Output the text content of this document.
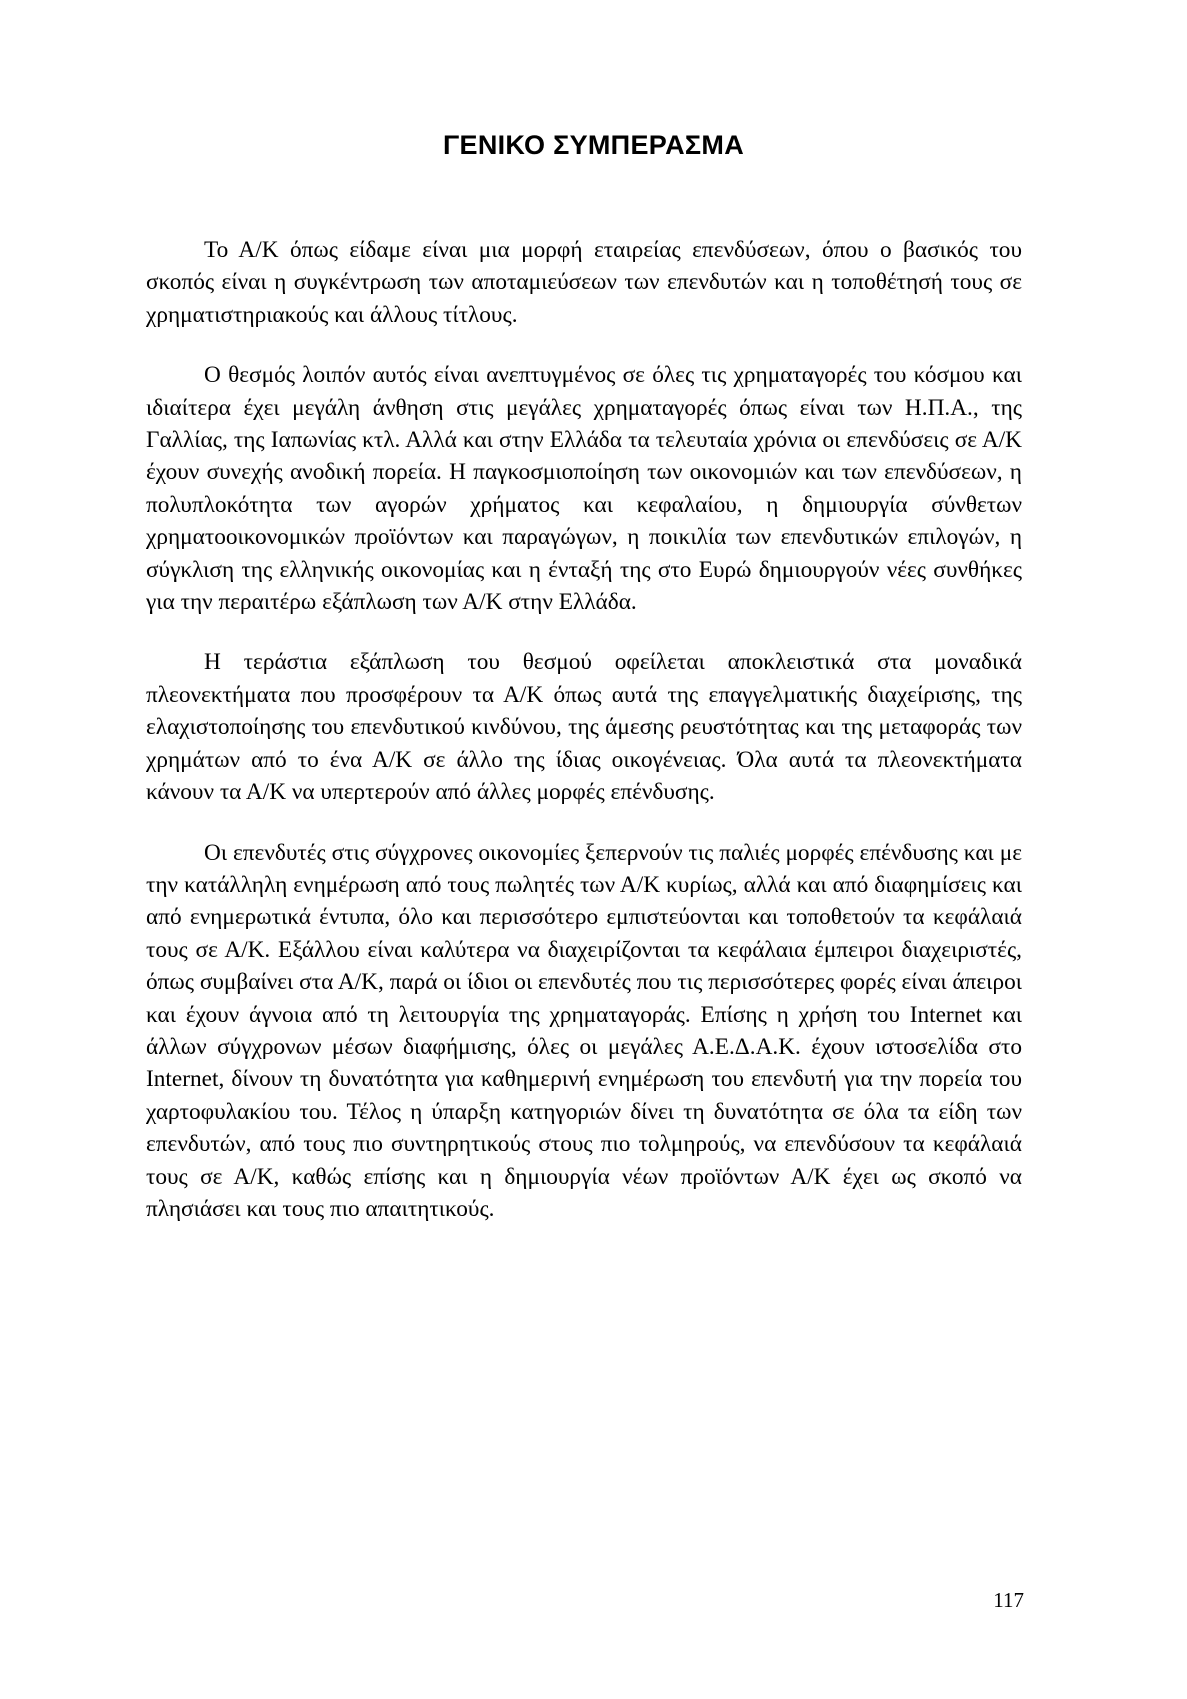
ΓΕΝΙΚΟ ΣΥΜΠΕΡΑΣΜΑ

Το Α/Κ όπως είδαμε είναι μια μορφή εταιρείας επενδύσεων, όπου ο βασικός του σκοπός είναι η συγκέντρωση των αποταμιεύσεων των επενδυτών και η τοποθέτησή τους σε χρηματιστηριακούς και άλλους τίτλους.

Ο θεσμός λοιπόν αυτός είναι ανεπτυγμένος σε όλες τις χρηματαγορές του κόσμου και ιδιαίτερα έχει μεγάλη άνθηση στις μεγάλες χρηματαγορές όπως είναι των Η.Π.Α., της Γαλλίας, της Ιαπωνίας κτλ. Αλλά και στην Ελλάδα τα τελευταία χρόνια οι επενδύσεις σε Α/Κ έχουν συνεχής ανοδική πορεία. Η παγκοσμιοποίηση των οικονομιών και των επενδύσεων, η πολυπλοκότητα των αγορών χρήματος και κεφαλαίου, η δημιουργία σύνθετων χρηματοοικονομικών προϊόντων και παραγώγων, η ποικιλία των επενδυτικών επιλογών, η σύγκλιση της ελληνικής οικονομίας και η ένταξή της στο Ευρώ δημιουργούν νέες συνθήκες για την περαιτέρω εξάπλωση των Α/Κ στην Ελλάδα.

Η τεράστια εξάπλωση του θεσμού οφείλεται αποκλειστικά στα μοναδικά πλεονεκτήματα που προσφέρουν τα Α/Κ όπως αυτά της επαγγελματικής διαχείρισης, της ελαχιστοποίησης του επενδυτικού κινδύνου, της άμεσης ρευστότητας και της μεταφοράς των χρημάτων από το ένα Α/Κ σε άλλο της ίδιας οικογένειας. Όλα αυτά τα πλεονεκτήματα κάνουν τα Α/Κ να υπερτερούν από άλλες μορφές επένδυσης.

Οι επενδυτές στις σύγχρονες οικονομίες ξεπερνούν τις παλιές μορφές επένδυσης και με την κατάλληλη ενημέρωση από τους πωλητές των Α/Κ κυρίως, αλλά και από διαφημίσεις και από ενημερωτικά έντυπα, όλο και περισσότερο εμπιστεύονται και τοποθετούν τα κεφάλαιά τους σε Α/Κ. Εξάλλου είναι καλύτερα να διαχειρίζονται τα κεφάλαια έμπειροι διαχειριστές, όπως συμβαίνει στα Α/Κ, παρά οι ίδιοι οι επενδυτές που τις περισσότερες φορές είναι άπειροι και έχουν άγνοια από τη λειτουργία της χρηματαγοράς. Επίσης η χρήση του Internet και άλλων σύγχρονων μέσων διαφήμισης, όλες οι μεγάλες Α.Ε.Δ.Α.Κ. έχουν ιστοσελίδα στο Internet, δίνουν τη δυνατότητα για καθημερινή ενημέρωση του επενδυτή για την πορεία του χαρτοφυλακίου του. Τέλος η ύπαρξη κατηγοριών δίνει τη δυνατότητα σε όλα τα είδη των επενδυτών, από τους πιο συντηρητικούς στους πιο τολμηρούς, να επενδύσουν τα κεφάλαιά τους σε Α/Κ, καθώς επίσης και η δημιουργία νέων προϊόντων Α/Κ έχει ως σκοπό να πλησιάσει και τους πιο απαιτητικούς.

117
